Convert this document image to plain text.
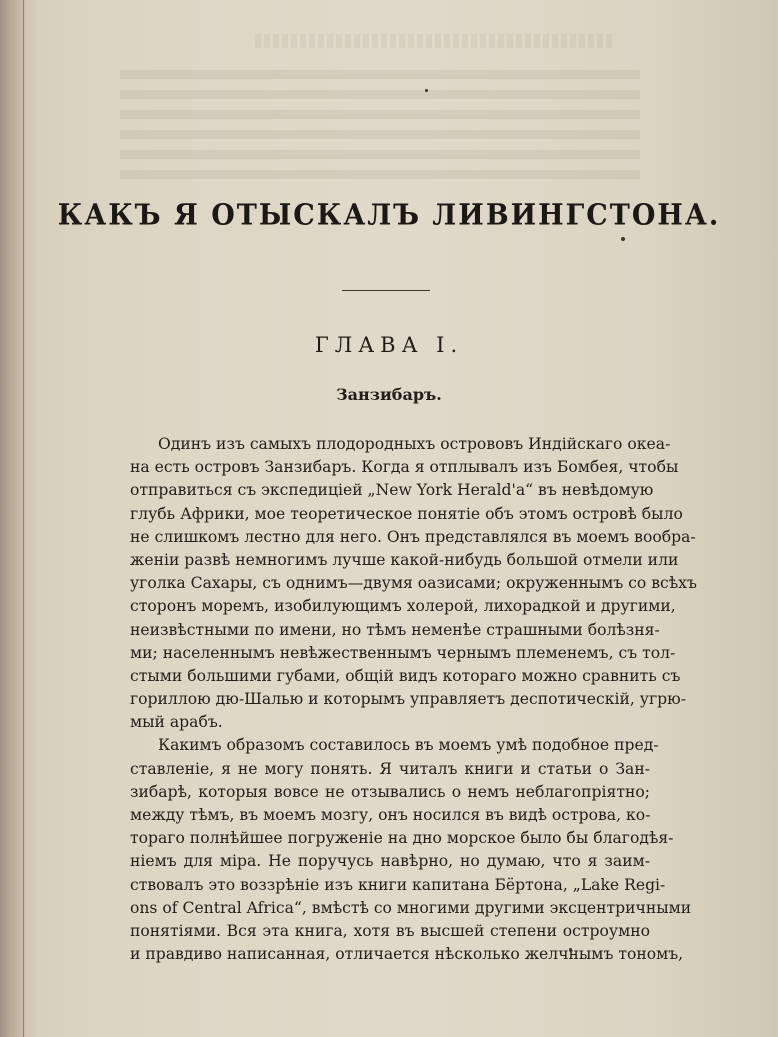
КАКЪ Я ОТЫСКАЛЪ ЛИВИНГСТОНА.
ГЛАВА I.
Занзибаръ.
Одинъ изъ самыхъ плодородныхъ острововъ Индійскаго океа-
на есть островъ Занзибаръ. Когда я отплывалъ изъ Бомбея, чтобы
отправиться съ экспедиціей „New York Herald'a“ въ невѣдомую
глубь Африки, мое теоретическое понятіе объ этомъ островѣ было
не слишкомъ лестно для него. Онъ представлялся въ моемъ вообра-
женіи развѣ немногимъ лучше какой-нибудь большой отмели или
уголка Сахары, съ однимъ—двумя оазисами; окруженнымъ со всѣхъ
сторонъ моремъ, изобилующимъ холерой, лихорадкой и другими,
неизвѣстными по имени, но тѣмъ неменѣе страшными болѣзня-
ми; населеннымъ невѣжественнымъ чернымъ племенемъ, съ тол-
стыми большими губами, общій видъ котораго можно сравнить съ
гориллою дю-Шалью и которымъ управляетъ деспотическій, угрю-
мый арабъ.
Какимъ образомъ составилось въ моемъ умѣ подобное пред-
ставленіе, я не могу понять. Я читалъ книги и статьи о Зан-
зибарѣ, которыя вовсе не отзывались о немъ неблагопріятно;
между тѣмъ, въ моемъ мозгу, онъ носился въ видѣ острова, ко-
тораго полнѣйшее погруженіе на дно морское было бы благодѣя-
ніемъ для міра. Не поручусь навѣрно, но думаю, что я заим-
ствовалъ это воззрѣніе изъ книги капитана Бёртона, „Lake Regi-
ons of Central Africa“, вмѣстѣ со многими другими эксцентричными
понятіями. Вся эта книга, хотя въ высшей степени остроумно
и правдиво написанная, отличается нѣсколько желчнымъ тономъ,
